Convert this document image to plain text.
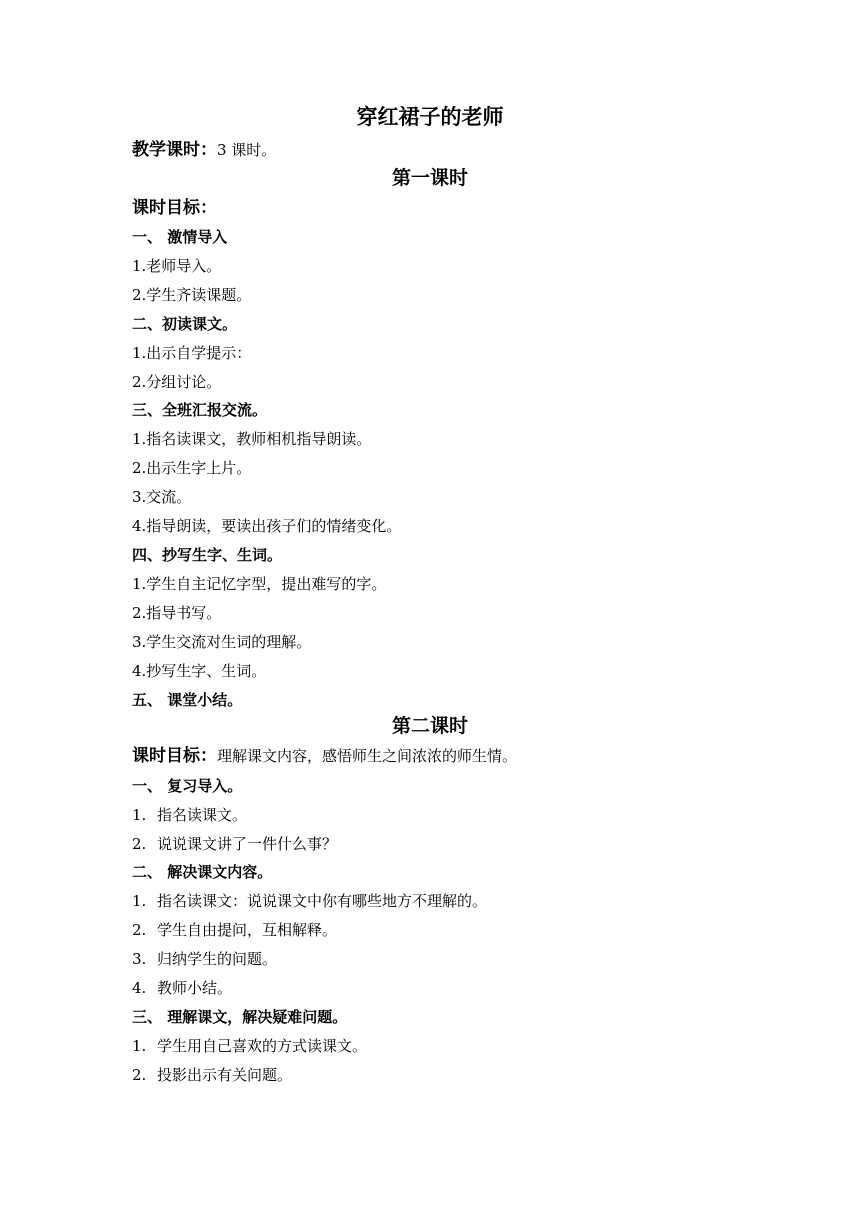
穿红裙子的老师
教学课时：3 课时。
第一课时
课时目标：
一、 激情导入
1.老师导入。
2.学生齐读课题。
二、初读课文。
1.出示自学提示：
2.分组讨论。
三、全班汇报交流。
1.指名读课文，教师相机指导朗读。
2.出示生字上片。
3.交流。
4.指导朗读，要读出孩子们的情绪变化。
四、抄写生字、生词。
1.学生自主记忆字型，提出难写的字。
2.指导书写。
3.学生交流对生词的理解。
4.抄写生字、生词。
五、 课堂小结。
第二课时
课时目标：理解课文内容，感悟师生之间浓浓的师生情。
一、 复习导入。
1. 指名读课文。
2. 说说课文讲了一件什么事？
二、 解决课文内容。
1. 指名读课文：说说课文中你有哪些地方不理解的。
2. 学生自由提问，互相解释。
3. 归纳学生的问题。
4. 教师小结。
三、 理解课文，解决疑难问题。
1. 学生用自己喜欢的方式读课文。
2. 投影出示有关问题。
